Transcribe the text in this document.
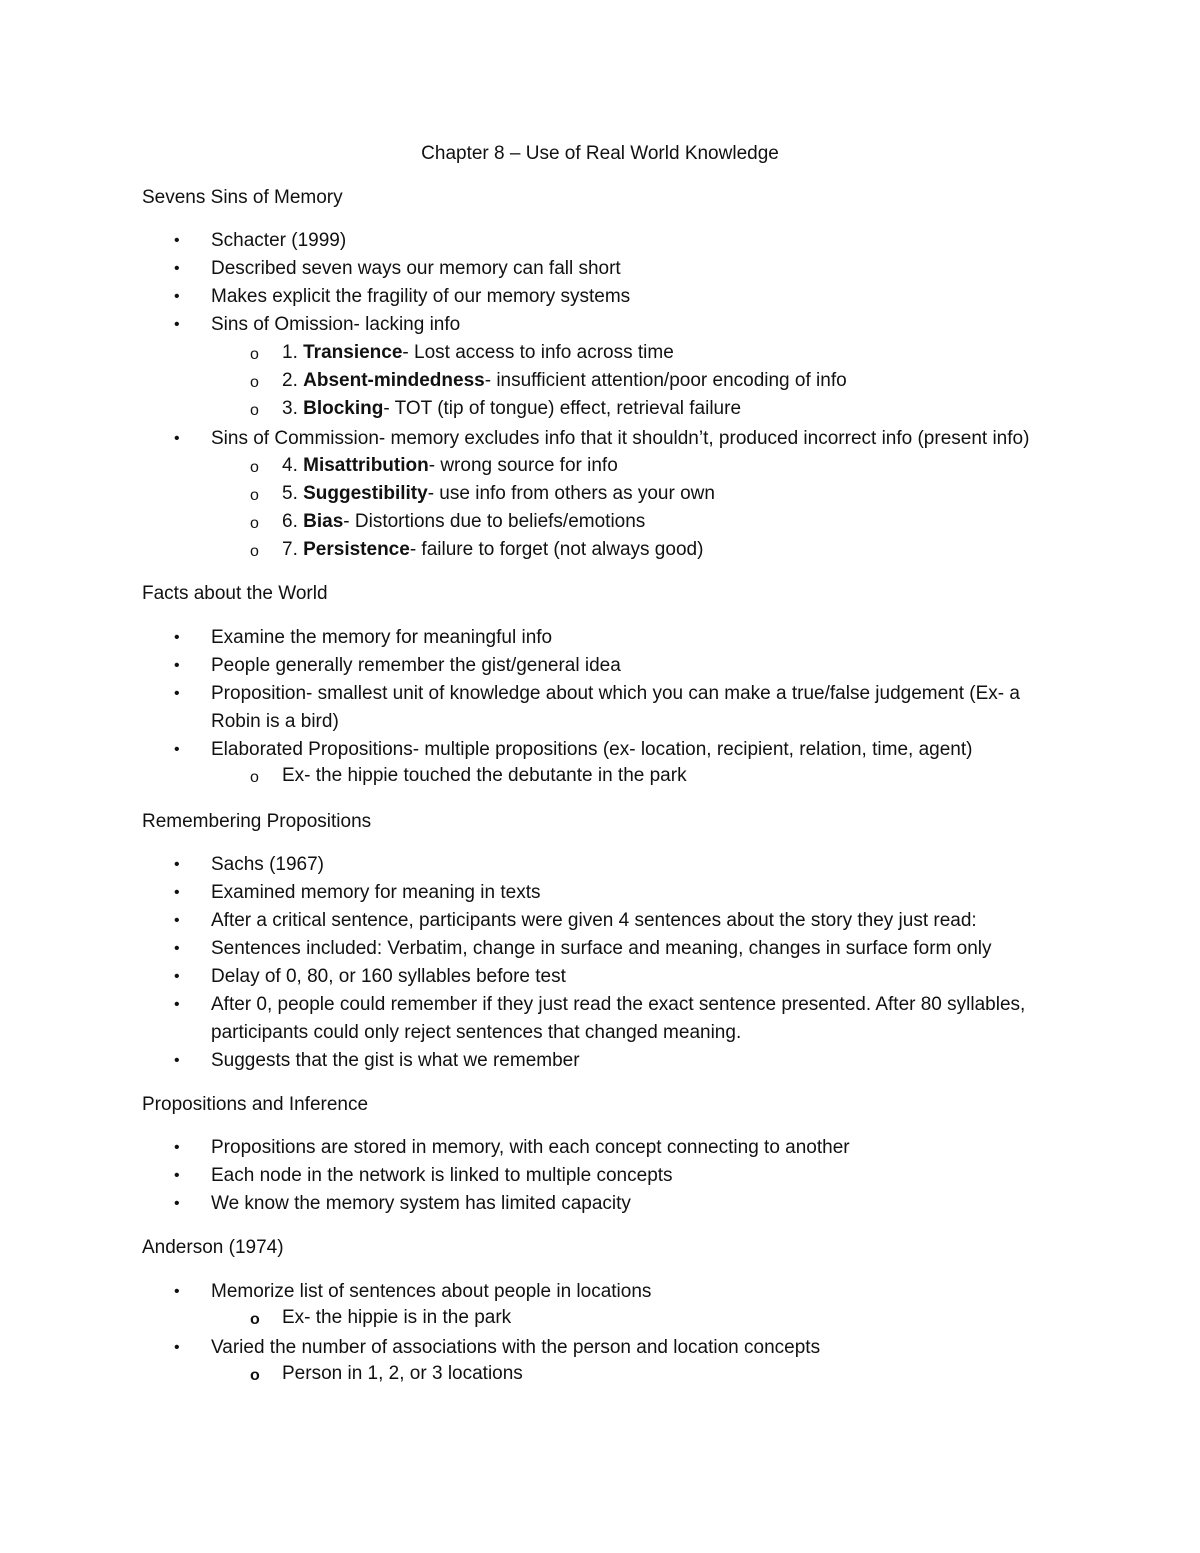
Chapter 8 – Use of Real World Knowledge
Sevens Sins of Memory
• Schacter (1999)
• Described seven ways our memory can fall short
• Makes explicit the fragility of our memory systems
• Sins of Omission- lacking info
o 1. Transience- Lost access to info across time
o 2. Absent-mindedness- insufficient attention/poor encoding of info
o 3. Blocking- TOT (tip of tongue) effect, retrieval failure
• Sins of Commission- memory excludes info that it shouldn’t, produced incorrect info (present info)
o 4. Misattribution- wrong source for info
o 5. Suggestibility- use info from others as your own
o 6. Bias- Distortions due to beliefs/emotions
o 7. Persistence- failure to forget (not always good)
Facts about the World
• Examine the memory for meaningful info
• People generally remember the gist/general idea
• Proposition- smallest unit of knowledge about which you can make a true/false judgement (Ex- a Robin is a bird)
• Elaborated Propositions- multiple propositions (ex- location, recipient, relation, time, agent)
o Ex- the hippie touched the debutante in the park
Remembering Propositions
• Sachs (1967)
• Examined memory for meaning in texts
• After a critical sentence, participants were given 4 sentences about the story they just read:
• Sentences included: Verbatim, change in surface and meaning, changes in surface form only
• Delay of 0, 80, or 160 syllables before test
• After 0, people could remember if they just read the exact sentence presented. After 80 syllables, participants could only reject sentences that changed meaning.
• Suggests that the gist is what we remember
Propositions and Inference
• Propositions are stored in memory, with each concept connecting to another
• Each node in the network is linked to multiple concepts
• We know the memory system has limited capacity
Anderson (1974)
• Memorize list of sentences about people in locations
o Ex- the hippie is in the park
• Varied the number of associations with the person and location concepts
o Person in 1, 2, or 3 locations
